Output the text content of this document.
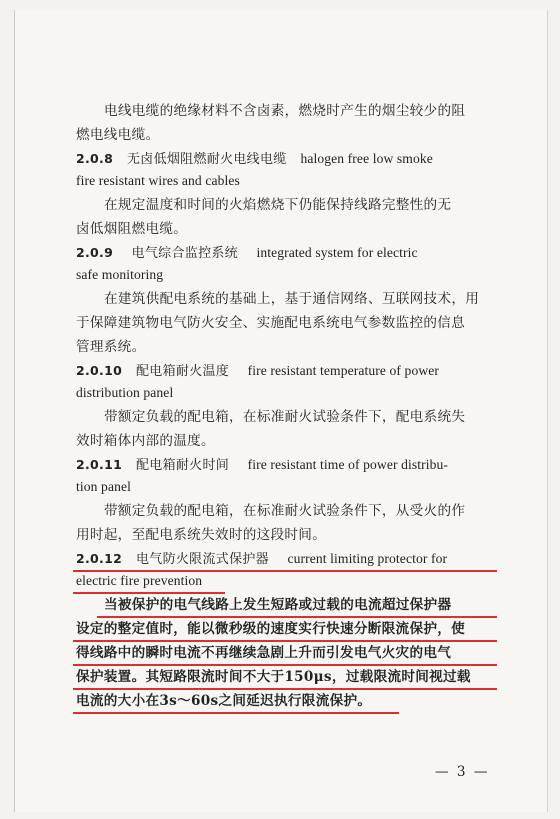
电线电缆的绝缘材料不含卤素，燃烧时产生的烟尘较少的阻
燃电线电缆。
2.0.8 无卤低烟阻燃耐火电线电缆 halogen free low smoke
fire resistant wires and cables
在规定温度和时间的火焰燃烧下仍能保持线路完整性的无
卤低烟阻燃电缆。
2.0.9 电气综合监控系统 integrated system for electric
safe monitoring
在建筑供配电系统的基础上，基于通信网络、互联网技术，用
于保障建筑物电气防火安全、实施配电系统电气参数监控的信息
管理系统。
2.0.10 配电箱耐火温度 fire resistant temperature of power
distribution panel
带额定负载的配电箱，在标准耐火试验条件下，配电系统失
效时箱体内部的温度。
2.0.11 配电箱耐火时间 fire resistant time of power distribu-
tion panel
带额定负载的配电箱，在标准耐火试验条件下，从受火的作
用时起，至配电系统失效时的这段时间。
2.0.12 电气防火限流式保护器 current limiting protector for
electric fire prevention
当被保护的电气线路上发生短路或过载的电流超过保护器
设定的整定值时，能以微秒级的速度实行快速分断限流保护，使
得线路中的瞬时电流不再继续急剧上升而引发电气火灾的电气
保护装置。其短路限流时间不大于150μs，过载限流时间视过载
电流的大小在3s～60s之间延迟执行限流保护。
— 3 —
